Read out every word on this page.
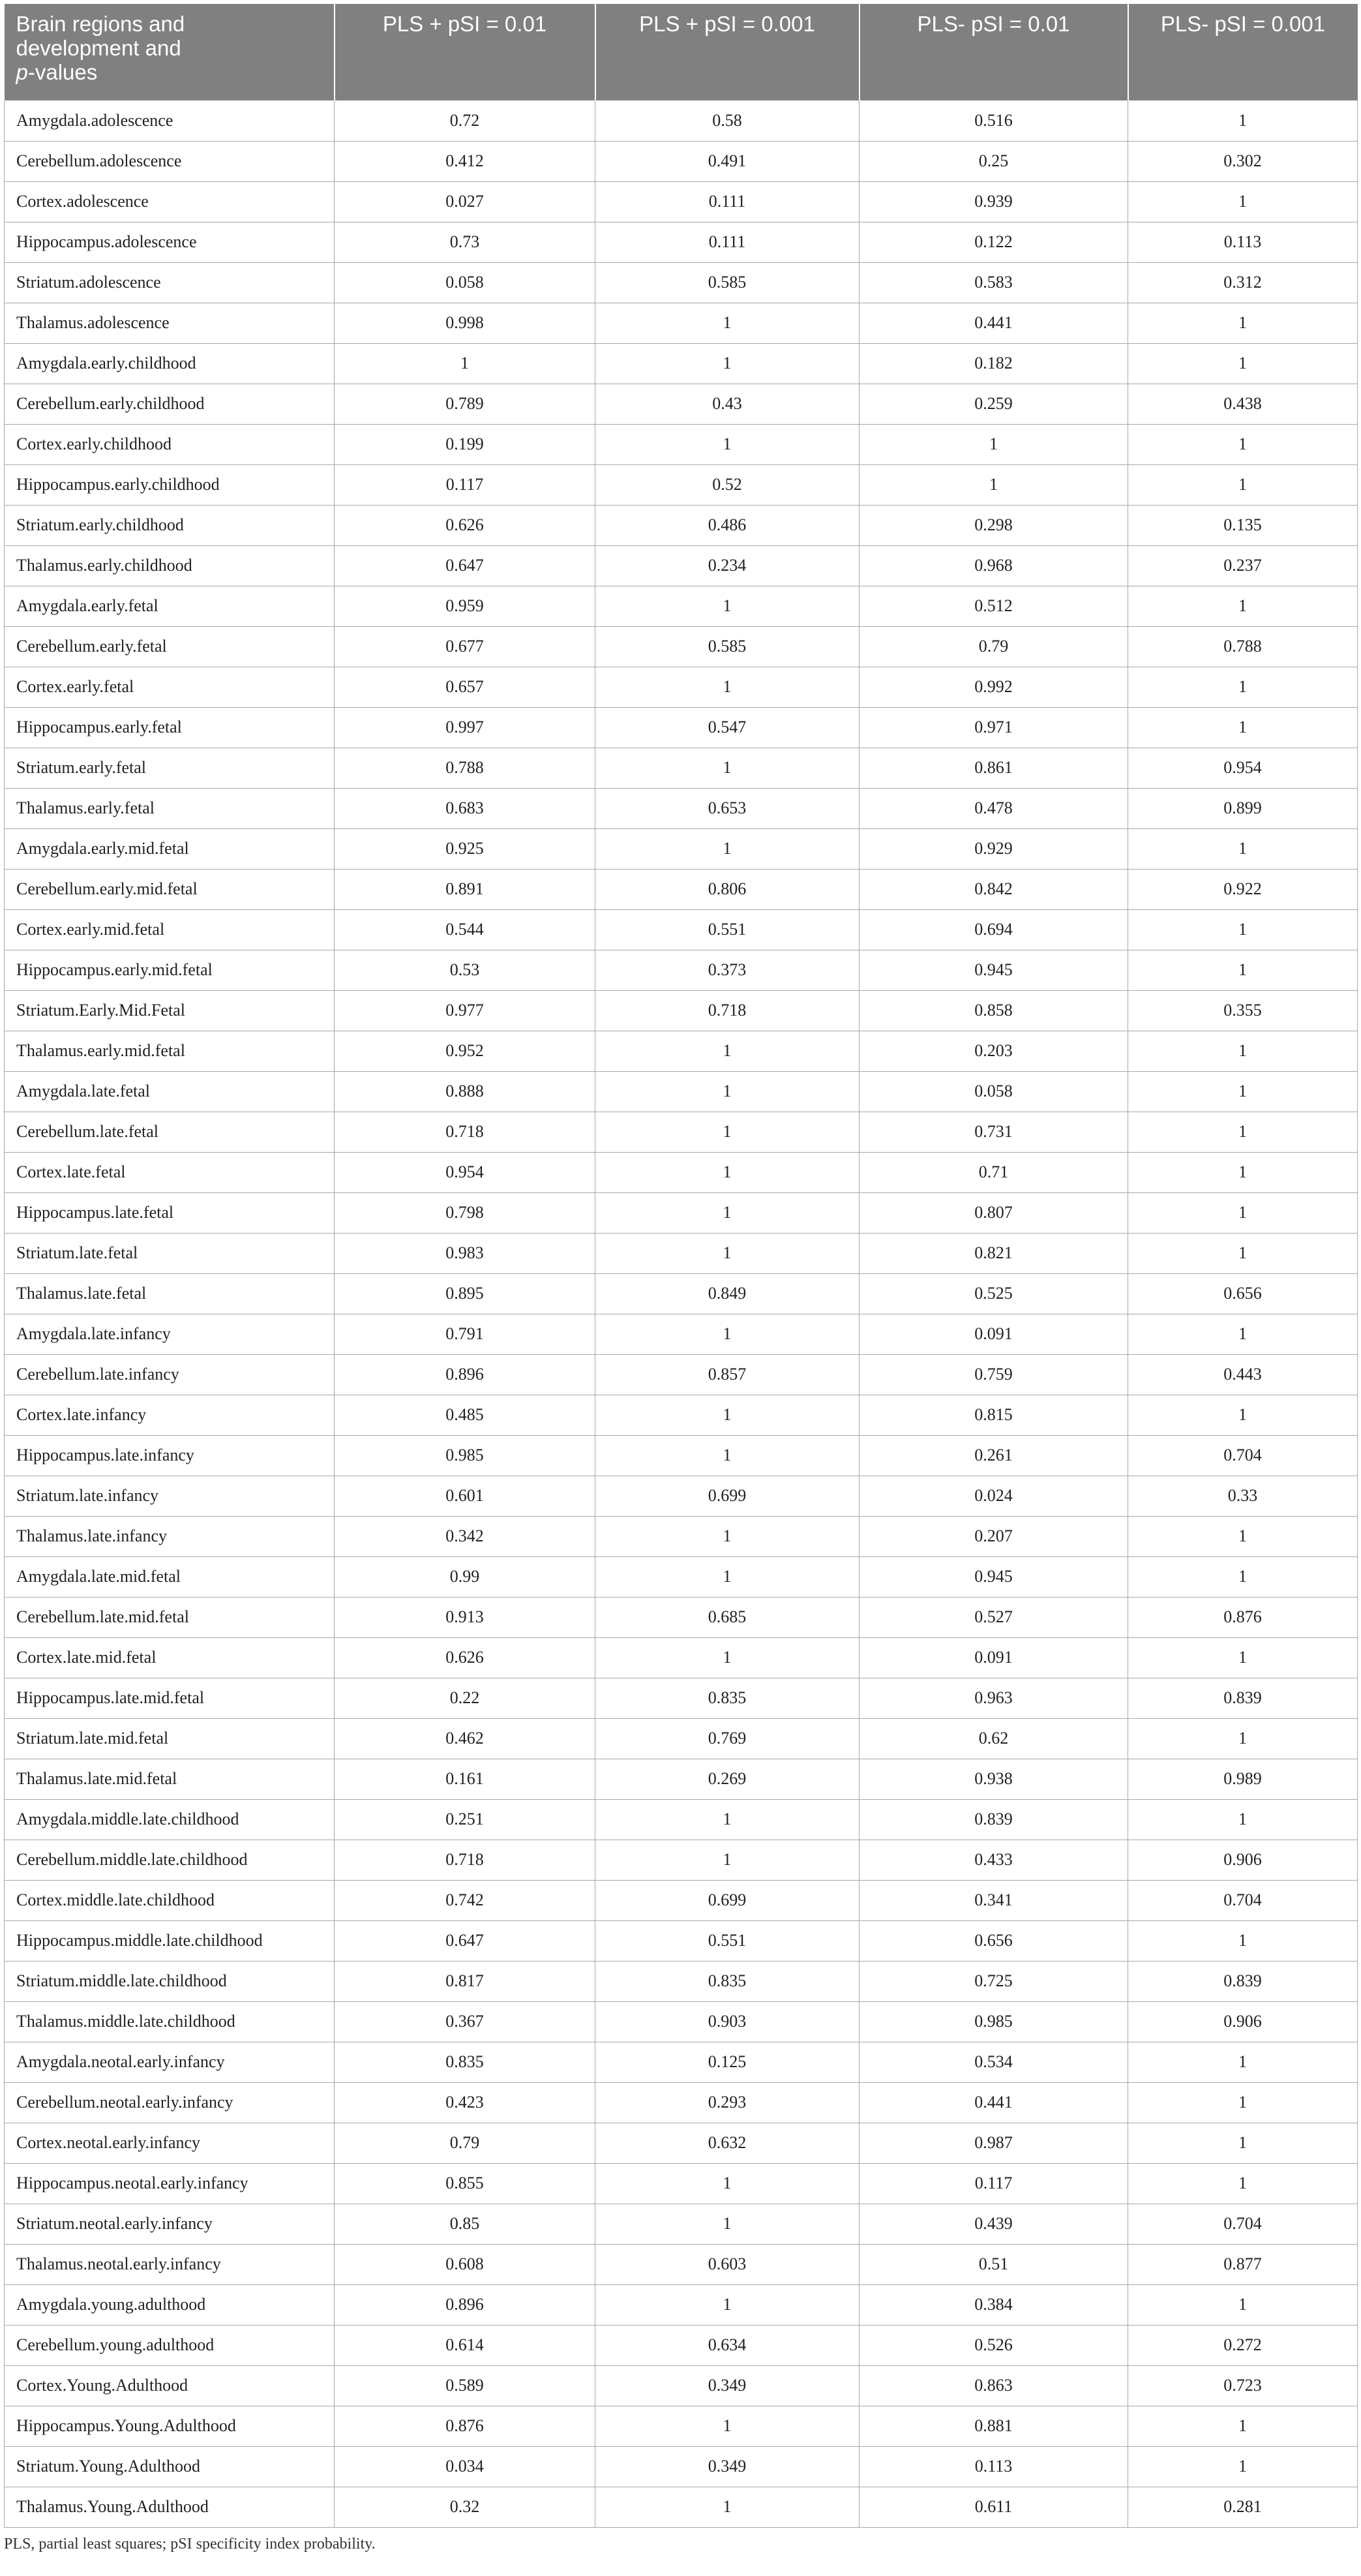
Brain regions and
development and
p-values	PLS + pSI = 0.01	PLS + pSI = 0.001	PLS- pSI = 0.01	PLS- pSI = 0.001
Amygdala.adolescence	0.72	0.58	0.516	1
Cerebellum.adolescence	0.412	0.491	0.25	0.302
Cortex.adolescence	0.027	0.111	0.939	1
Hippocampus.adolescence	0.73	0.111	0.122	0.113
Striatum.adolescence	0.058	0.585	0.583	0.312
Thalamus.adolescence	0.998	1	0.441	1
Amygdala.early.childhood	1	1	0.182	1
Cerebellum.early.childhood	0.789	0.43	0.259	0.438
Cortex.early.childhood	0.199	1	1	1
Hippocampus.early.childhood	0.117	0.52	1	1
Striatum.early.childhood	0.626	0.486	0.298	0.135
Thalamus.early.childhood	0.647	0.234	0.968	0.237
Amygdala.early.fetal	0.959	1	0.512	1
Cerebellum.early.fetal	0.677	0.585	0.79	0.788
Cortex.early.fetal	0.657	1	0.992	1
Hippocampus.early.fetal	0.997	0.547	0.971	1
Striatum.early.fetal	0.788	1	0.861	0.954
Thalamus.early.fetal	0.683	0.653	0.478	0.899
Amygdala.early.mid.fetal	0.925	1	0.929	1
Cerebellum.early.mid.fetal	0.891	0.806	0.842	0.922
Cortex.early.mid.fetal	0.544	0.551	0.694	1
Hippocampus.early.mid.fetal	0.53	0.373	0.945	1
Striatum.Early.Mid.Fetal	0.977	0.718	0.858	0.355
Thalamus.early.mid.fetal	0.952	1	0.203	1
Amygdala.late.fetal	0.888	1	0.058	1
Cerebellum.late.fetal	0.718	1	0.731	1
Cortex.late.fetal	0.954	1	0.71	1
Hippocampus.late.fetal	0.798	1	0.807	1
Striatum.late.fetal	0.983	1	0.821	1
Thalamus.late.fetal	0.895	0.849	0.525	0.656
Amygdala.late.infancy	0.791	1	0.091	1
Cerebellum.late.infancy	0.896	0.857	0.759	0.443
Cortex.late.infancy	0.485	1	0.815	1
Hippocampus.late.infancy	0.985	1	0.261	0.704
Striatum.late.infancy	0.601	0.699	0.024	0.33
Thalamus.late.infancy	0.342	1	0.207	1
Amygdala.late.mid.fetal	0.99	1	0.945	1
Cerebellum.late.mid.fetal	0.913	0.685	0.527	0.876
Cortex.late.mid.fetal	0.626	1	0.091	1
Hippocampus.late.mid.fetal	0.22	0.835	0.963	0.839
Striatum.late.mid.fetal	0.462	0.769	0.62	1
Thalamus.late.mid.fetal	0.161	0.269	0.938	0.989
Amygdala.middle.late.childhood	0.251	1	0.839	1
Cerebellum.middle.late.childhood	0.718	1	0.433	0.906
Cortex.middle.late.childhood	0.742	0.699	0.341	0.704
Hippocampus.middle.late.childhood	0.647	0.551	0.656	1
Striatum.middle.late.childhood	0.817	0.835	0.725	0.839
Thalamus.middle.late.childhood	0.367	0.903	0.985	0.906
Amygdala.neotal.early.infancy	0.835	0.125	0.534	1
Cerebellum.neotal.early.infancy	0.423	0.293	0.441	1
Cortex.neotal.early.infancy	0.79	0.632	0.987	1
Hippocampus.neotal.early.infancy	0.855	1	0.117	1
Striatum.neotal.early.infancy	0.85	1	0.439	0.704
Thalamus.neotal.early.infancy	0.608	0.603	0.51	0.877
Amygdala.young.adulthood	0.896	1	0.384	1
Cerebellum.young.adulthood	0.614	0.634	0.526	0.272
Cortex.Young.Adulthood	0.589	0.349	0.863	0.723
Hippocampus.Young.Adulthood	0.876	1	0.881	1
Striatum.Young.Adulthood	0.034	0.349	0.113	1
Thalamus.Young.Adulthood	0.32	1	0.611	0.281
PLS, partial least squares; pSI specificity index probability.
